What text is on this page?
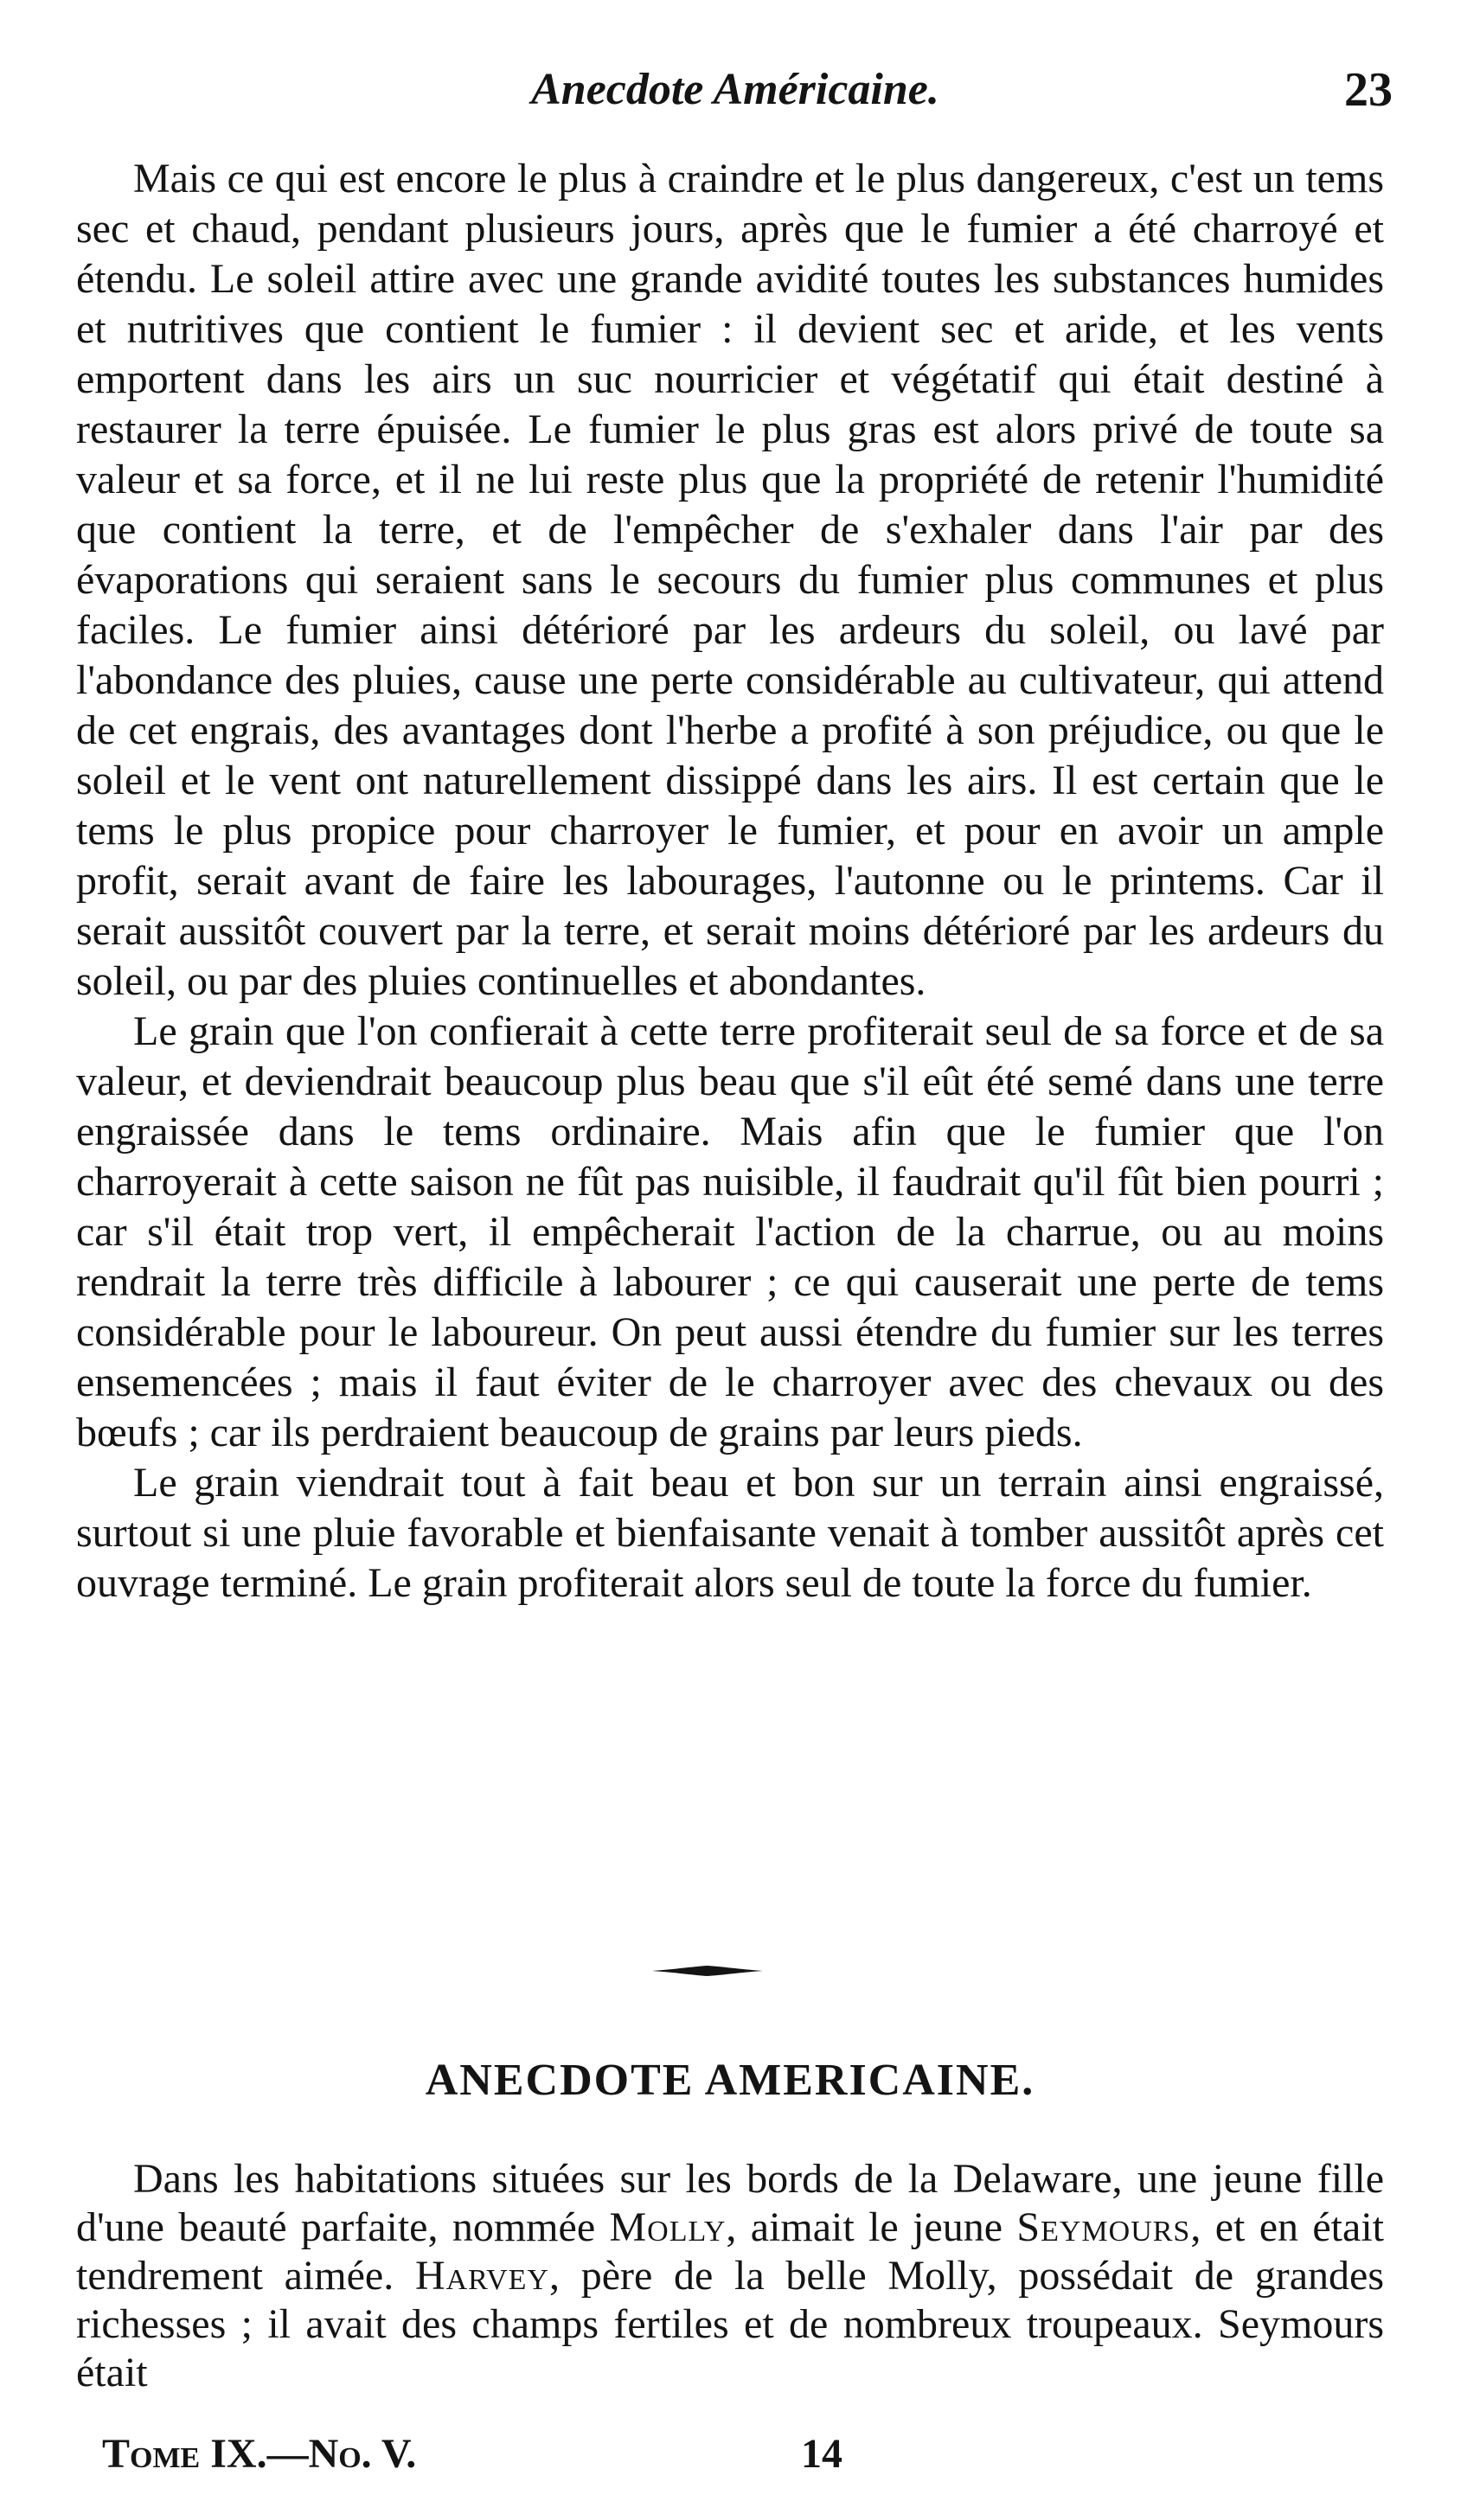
Anecdote Américaine.	23

Mais ce qui est encore le plus à craindre et le plus dangereux, c'est un tems sec et chaud, pendant plusieurs jours, après que le fumier a été charroyé et étendu. Le soleil attire avec une grande avidité toutes les substances humides et nutritives que contient le fumier : il devient sec et aride, et les vents emportent dans les airs un suc nourricier et végétatif qui était destiné à restaurer la terre épuisée. Le fumier le plus gras est alors privé de toute sa valeur et sa force, et il ne lui reste plus que la propriété de retenir l'humidité que contient la terre, et de l'empêcher de s'exhaler dans l'air par des évaporations qui seraient sans le secours du fumier plus communes et plus faciles. Le fumier ainsi détérioré par les ardeurs du soleil, ou lavé par l'abondance des pluies, cause une perte considérable au cultivateur, qui attend de cet engrais, des avantages dont l'herbe a profité à son préjudice, ou que le soleil et le vent ont naturellement dissippé dans les airs. Il est certain que le tems le plus propice pour charroyer le fumier, et pour en avoir un ample profit, serait avant de faire les labourages, l'autonne ou le printems. Car il serait aussitôt couvert par la terre, et serait moins détérioré par les ardeurs du soleil, ou par des pluies continuelles et abondantes.

Le grain que l'on confierait à cette terre profiterait seul de sa force et de sa valeur, et deviendrait beaucoup plus beau que s'il eût été semé dans une terre engraissée dans le tems ordinaire. Mais afin que le fumier que l'on charroyerait à cette saison ne fût pas nuisible, il faudrait qu'il fût bien pourri ; car s'il était trop vert, il empêcherait l'action de la charrue, ou au moins rendrait la terre très difficile à labourer ; ce qui causerait une perte de tems considérable pour le laboureur. On peut aussi étendre du fumier sur les terres ensemencées ; mais il faut éviter de le charroyer avec des chevaux ou des bœufs ; car ils perdraient beaucoup de grains par leurs pieds.

Le grain viendrait tout à fait beau et bon sur un terrain ainsi engraissé, surtout si une pluie favorable et bienfaisante venait à tomber aussitôt après cet ouvrage terminé. Le grain profiterait alors seul de toute la force du fumier.

ANECDOTE AMERICAINE.

Dans les habitations situées sur les bords de la Delaware, une jeune fille d'une beauté parfaite, nommée Molly, aimait le jeune Seymours, et en était tendrement aimée. Harvey, père de la belle Molly, possédait de grandes richesses ; il avait des champs fertiles et de nombreux troupeaux. Seymours était

Tome IX.—No. V.	14
